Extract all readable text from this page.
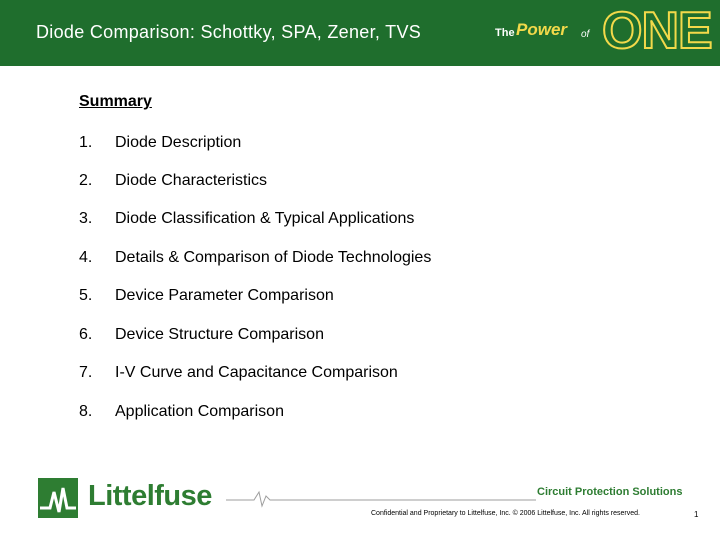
Diode Comparison: Schottky, SPA, Zener, TVS	The Power of ONE
Summary
1. Diode Description
2. Diode Characteristics
3. Diode Classification & Typical Applications
4. Details & Comparison of Diode Technologies
5. Device Parameter Comparison
6. Device Structure Comparison
7. I-V Curve and Capacitance Comparison
8. Application Comparison
Littelfuse	Circuit Protection Solutions
Confidential and Proprietary to Littelfuse, Inc. © 2006 Littelfuse, Inc. All rights reserved.	1
